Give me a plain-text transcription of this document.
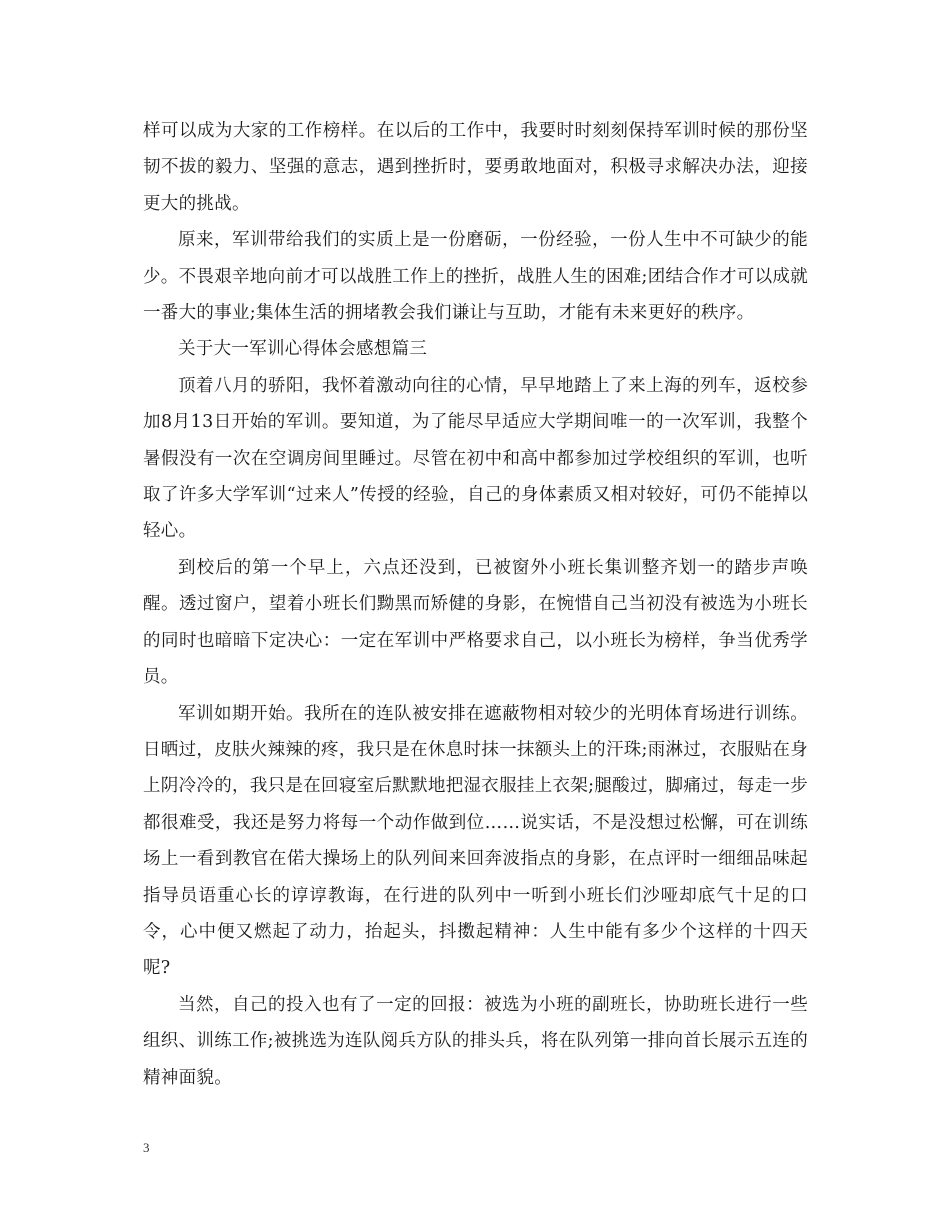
样可以成为大家的工作榜样。在以后的工作中，我要时时刻刻保持军训时候的那份坚韧不拔的毅力、坚强的意志，遇到挫折时，要勇敢地面对，积极寻求解决办法，迎接更大的挑战。

原来，军训带给我们的实质上是一份磨砺，一份经验，一份人生中不可缺少的能少。不畏艰辛地向前才可以战胜工作上的挫折，战胜人生的困难;团结合作才可以成就一番大的事业;集体生活的拥堵教会我们谦让与互助，才能有未来更好的秩序。

关于大一军训心得体会感想篇三

顶着八月的骄阳，我怀着激动向往的心情，早早地踏上了来上海的列车，返校参加8月13日开始的军训。要知道，为了能尽早适应大学期间唯一的一次军训，我整个暑假没有一次在空调房间里睡过。尽管在初中和高中都参加过学校组织的军训，也听取了许多大学军训“过来人”传授的经验，自己的身体素质又相对较好，可仍不能掉以轻心。

到校后的第一个早上，六点还没到，已被窗外小班长集训整齐划一的踏步声唤醒。透过窗户，望着小班长们黝黑而矫健的身影，在惋惜自己当初没有被选为小班长的同时也暗暗下定决心：一定在军训中严格要求自己，以小班长为榜样，争当优秀学员。

军训如期开始。我所在的连队被安排在遮蔽物相对较少的光明体育场进行训练。日晒过，皮肤火辣辣的疼，我只是在休息时抹一抹额头上的汗珠;雨淋过，衣服贴在身上阴冷冷的，我只是在回寝室后默默地把湿衣服挂上衣架;腿酸过，脚痛过，每走一步都很难受，我还是努力将每一个动作做到位……说实话，不是没想过松懈，可在训练场上一看到教官在偌大操场上的队列间来回奔波指点的身影，在点评时一细细品味起指导员语重心长的谆谆教诲，在行进的队列中一听到小班长们沙哑却底气十足的口令，心中便又燃起了动力，抬起头，抖擞起精神：人生中能有多少个这样的十四天呢?

当然，自己的投入也有了一定的回报：被选为小班的副班长，协助班长进行一些组织、训练工作;被挑选为连队阅兵方队的排头兵，将在队列第一排向首长展示五连的精神面貌。

3
